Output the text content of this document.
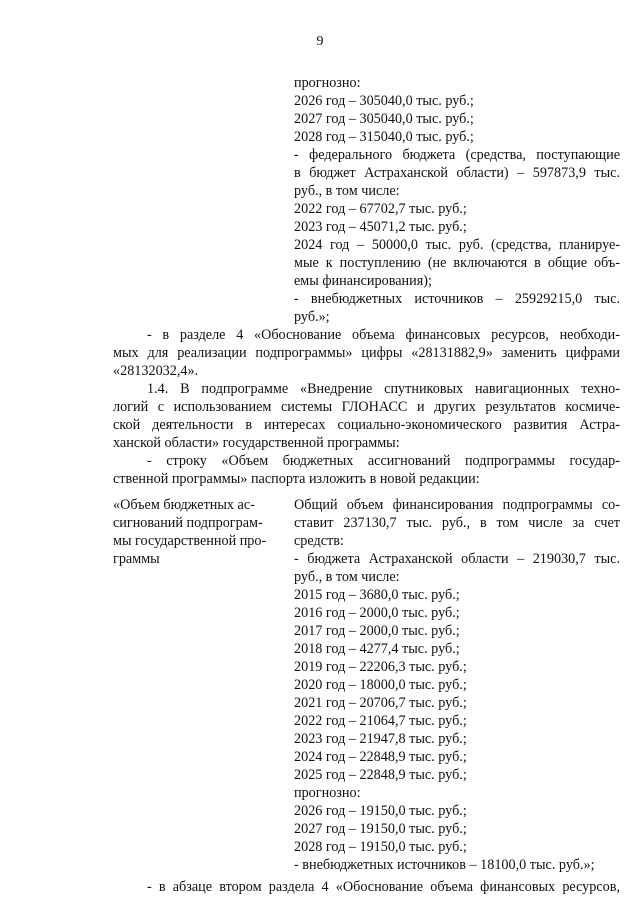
9
прогнозно:
2026 год – 305040,0 тыс. руб.;
2027 год – 305040,0 тыс. руб.;
2028 год – 315040,0 тыс. руб.;
- федерального бюджета (средства, поступающие
в бюджет Астраханской области) – 597873,9 тыс.
руб., в том числе:
2022 год – 67702,7 тыс. руб.;
2023 год – 45071,2 тыс. руб.;
2024 год – 50000,0 тыс. руб. (средства, планируе-
мые к поступлению (не включаются в общие объ-
емы финансирования);
- внебюджетных источников – 25929215,0 тыс.
руб.»;
- в разделе 4 «Обоснование объема финансовых ресурсов, необходи-
мых для реализации подпрограммы» цифры «28131882,9» заменить цифрами
«28132032,4».
1.4. В подпрограмме «Внедрение спутниковых навигационных техно-
логий с использованием системы ГЛОНАСС и других результатов космиче-
ской деятельности в интересах социально-экономического развития Астра-
ханской области» государственной программы:
- строку «Объем бюджетных ассигнований подпрограммы государ-
ственной программы» паспорта изложить в новой редакции:
«Объем бюджетных ас-
сигнований подпрограм-
мы государственной про-
граммы
Общий объем финансирования подпрограммы со-
ставит 237130,7 тыс. руб., в том числе за счет
средств:
- бюджета Астраханской области – 219030,7 тыс.
руб., в том числе:
2015 год – 3680,0 тыс. руб.;
2016 год – 2000,0 тыс. руб.;
2017 год – 2000,0 тыс. руб.;
2018 год – 4277,4 тыс. руб.;
2019 год – 22206,3 тыс. руб.;
2020 год – 18000,0 тыс. руб.;
2021 год – 20706,7 тыс. руб.;
2022 год – 21064,7 тыс. руб.;
2023 год – 21947,8 тыс. руб.;
2024 год – 22848,9 тыс. руб.;
2025 год – 22848,9 тыс. руб.;
прогнозно:
2026 год – 19150,0 тыс. руб.;
2027 год – 19150,0 тыс. руб.;
2028 год – 19150,0 тыс. руб.;
- внебюджетных источников – 18100,0 тыс. руб.»;
- в абзаце втором раздела 4 «Обоснование объема финансовых ресурсов,
